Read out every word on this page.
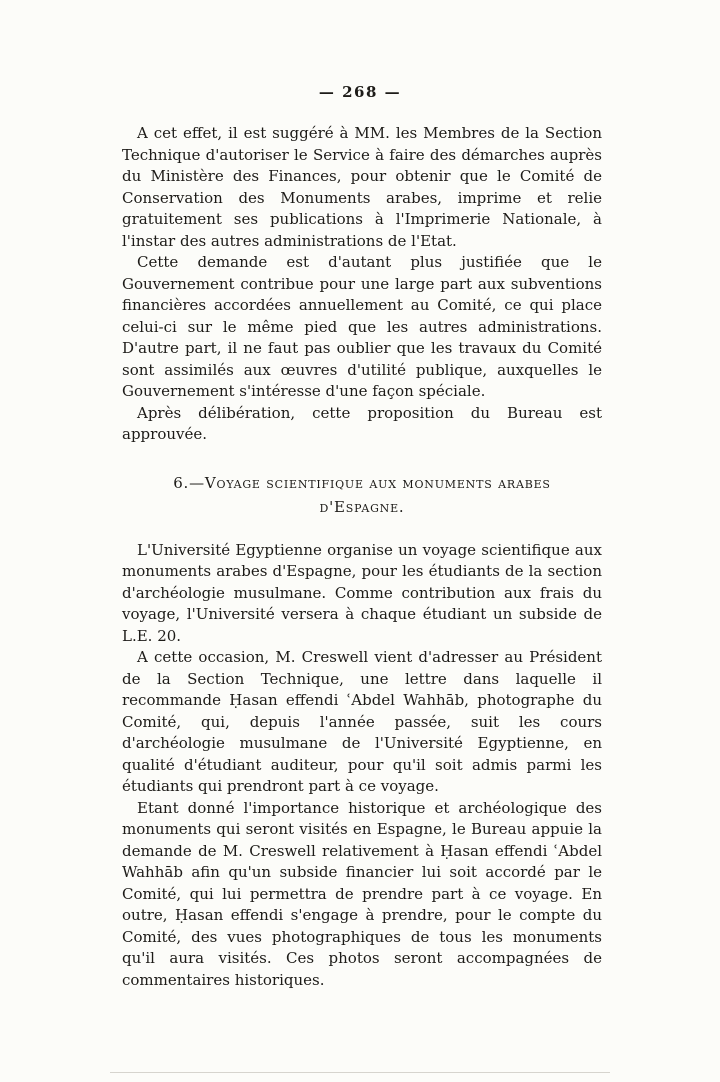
— 268 —

A cet effet, il est suggéré à MM. les Membres de la Section Technique d'autoriser le Service à faire des démarches auprès du Ministère des Finances, pour obtenir que le Comité de Conservation des Monuments arabes, imprime et relie gratuitement ses publications à l'Imprimerie Nationale, à l'instar des autres administrations de l'Etat.

Cette demande est d'autant plus justifiée que le Gouvernement contribue pour une large part aux subventions financières accordées annuellement au Comité, ce qui place celui-ci sur le même pied que les autres administrations. D'autre part, il ne faut pas oublier que les travaux du Comité sont assimilés aux œuvres d'utilité publique, auxquelles le Gouvernement s'intéresse d'une façon spéciale.

Après délibération, cette proposition du Bureau est approuvée.

6.—Voyage scientifique aux monuments arabes
d'Espagne.

L'Université Egyptienne organise un voyage scientifique aux monuments arabes d'Espagne, pour les étudiants de la section d'archéologie musulmane. Comme contribution aux frais du voyage, l'Université versera à chaque étudiant un subside de L.E. 20.

A cette occasion, M. Creswell vient d'adresser au Président de la Section Technique, une lettre dans laquelle il recommande Ḥasan effendi ʿAbdel Wahhāb, photographe du Comité, qui, depuis l'année passée, suit les cours d'archéologie musulmane de l'Université Egyptienne, en qualité d'étudiant auditeur, pour qu'il soit admis parmi les étudiants qui prendront part à ce voyage.

Etant donné l'importance historique et archéologique des monuments qui seront visités en Espagne, le Bureau appuie la demande de M. Creswell relativement à Ḥasan effendi ʿAbdel Wahhāb afin qu'un subside financier lui soit accordé par le Comité, qui lui permettra de prendre part à ce voyage. En outre, Ḥasan effendi s'engage à prendre, pour le compte du Comité, des vues photographiques de tous les monuments qu'il aura visités. Ces photos seront accompagnées de commentaires historiques.
